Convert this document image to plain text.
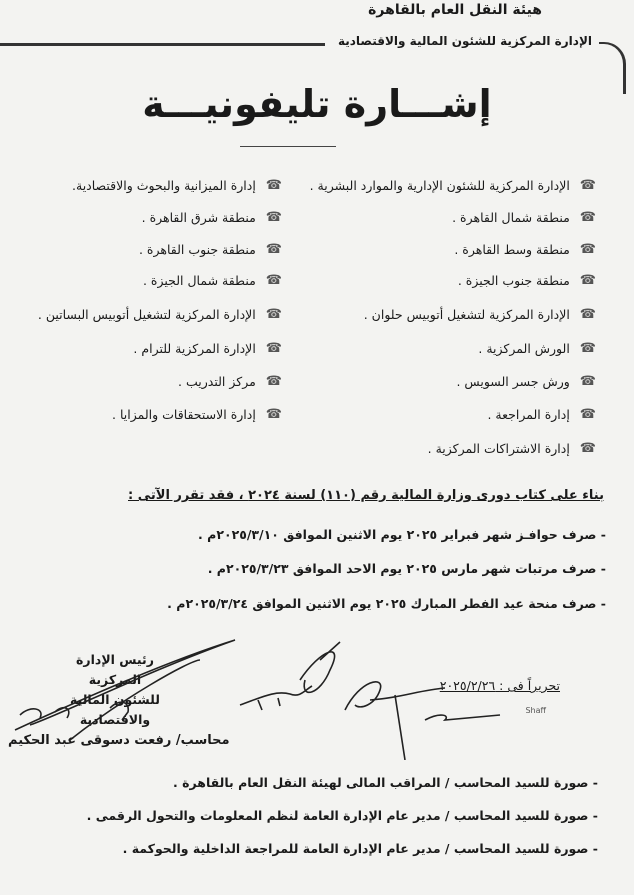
هيئة النقل العام بالقاهرة
الإدارة المركزية للشئون المالية والاقتصادية
إشـــارة تليفونيـــة
☎
الإدارة المركزية للشئون الإدارية والموارد البشرية .
☎
منطقة شمال القاهرة .
☎
منطقة وسط القاهرة .
☎
منطقة جنوب الجيزة .
☎
الإدارة المركزية لتشغيل أتوبيس حلوان .
☎
الورش المركزية .
☎
ورش جسر السويس .
☎
إدارة المراجعة .
☎
إدارة الاشتراكات المركزية .
☎
إدارة الميزانية والبحوث والاقتصادية.
☎
منطقة شرق القاهرة .
☎
منطقة جنوب القاهرة .
☎
منطقة شمال الجيزة .
☎
الإدارة المركزية لتشغيل أتوبيس البساتين .
☎
الإدارة المركزية للترام .
☎
مركز التدريب .
☎
إدارة الاستحقاقات والمزايا .
بناء على كتاب دورى وزارة المالية رقم (١١٠) لسنة ٢٠٢٤ ، فقد تقرر الآتى :
- صرف حوافـز شهر فبراير ٢٠٢٥ يوم الاثنين الموافق ٢٠٢٥/٣/١٠م .
- صرف مرتبات شهر مارس ٢٠٢٥ يوم الاحد الموافق ٢٠٢٥/٣/٢٣م .
- صرف منحة عيد الفطر المبارك ٢٠٢٥ يوم الاثنين الموافق ٢٠٢٥/٣/٢٤م .
رئيس الإدارة المركزية
للشئون المالية والاقتصادية
محاسب/ رفعت دسوقى عبد الحكيم
تحريراً فى : ٢٠٢٥/٢/٢٦
Shaff
- صورة للسيد المحاسب / المراقب المالى لهيئة النقل العام بالقاهرة .
- صورة للسيد المحاسب / مدير عام الإدارة العامة لنظم المعلومات والتحول الرقمى .
- صورة للسيد المحاسب / مدير عام الإدارة العامة للمراجعة الداخلية والحوكمة .
